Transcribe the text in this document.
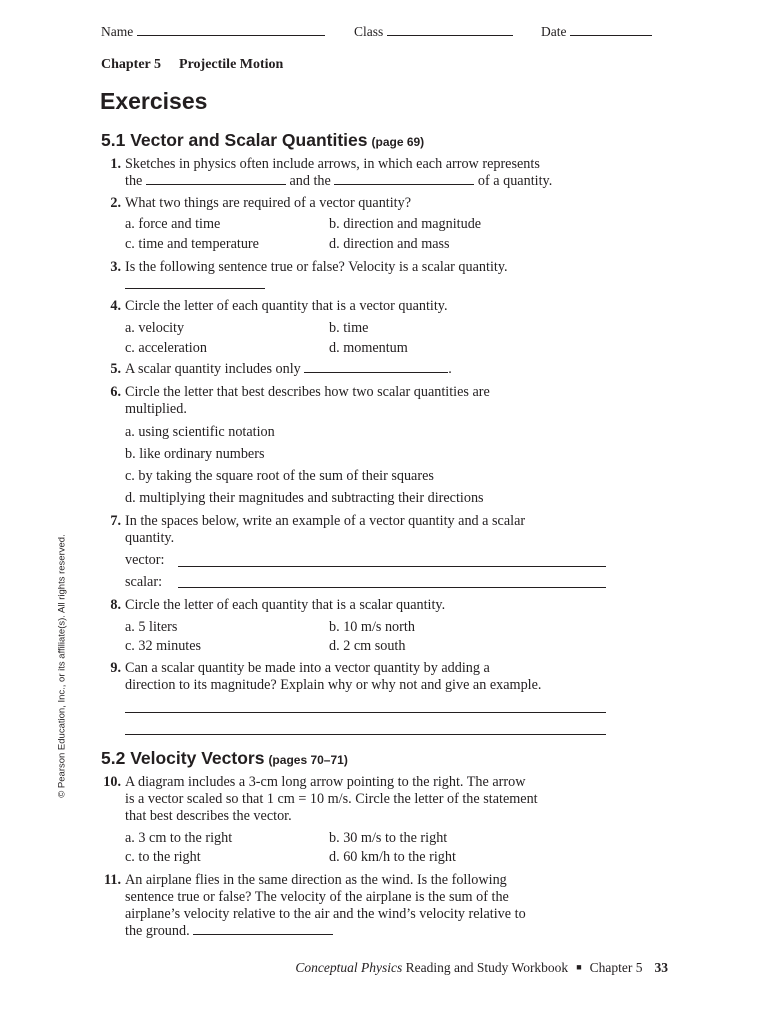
Name	Class	Date
Chapter 5 Projectile Motion
Exercises
5.1 Vector and Scalar Quantities (page 69)
1. Sketches in physics often include arrows, in which each arrow represents
the	and the	of a quantity.
2. What two things are required of a vector quantity?
a. force and time	b. direction and magnitude
c. time and temperature	d. direction and mass
3. Is the following sentence true or false? Velocity is a scalar quantity.
4. Circle the letter of each quantity that is a vector quantity.
a. velocity	b. time
c. acceleration	d. momentum
5. A scalar quantity includes only	.
6. Circle the letter that best describes how two scalar quantities are
multiplied.
a. using scientific notation
b. like ordinary numbers
c. by taking the square root of the sum of their squares
d. multiplying their magnitudes and subtracting their directions
7. In the spaces below, write an example of a vector quantity and a scalar
quantity.
vector:
scalar:
8. Circle the letter of each quantity that is a scalar quantity.
a. 5 liters	b. 10 m/s north
c. 32 minutes	d. 2 cm south
9. Can a scalar quantity be made into a vector quantity by adding a
direction to its magnitude? Explain why or why not and give an example.
5.2 Velocity Vectors (pages 70–71)
10. A diagram includes a 3-cm long arrow pointing to the right. The arrow
is a vector scaled so that 1 cm = 10 m/s. Circle the letter of the statement
that best describes the vector.
a. 3 cm to the right	b. 30 m/s to the right
c. to the right	d. 60 km/h to the right
11. An airplane flies in the same direction as the wind. Is the following
sentence true or false? The velocity of the airplane is the sum of the
airplane’s velocity relative to the air and the wind’s velocity relative to
the ground.
© Pearson Education, Inc., or its affiliate(s). All rights reserved.
Conceptual Physics Reading and Study Workbook ■ Chapter 5 33
